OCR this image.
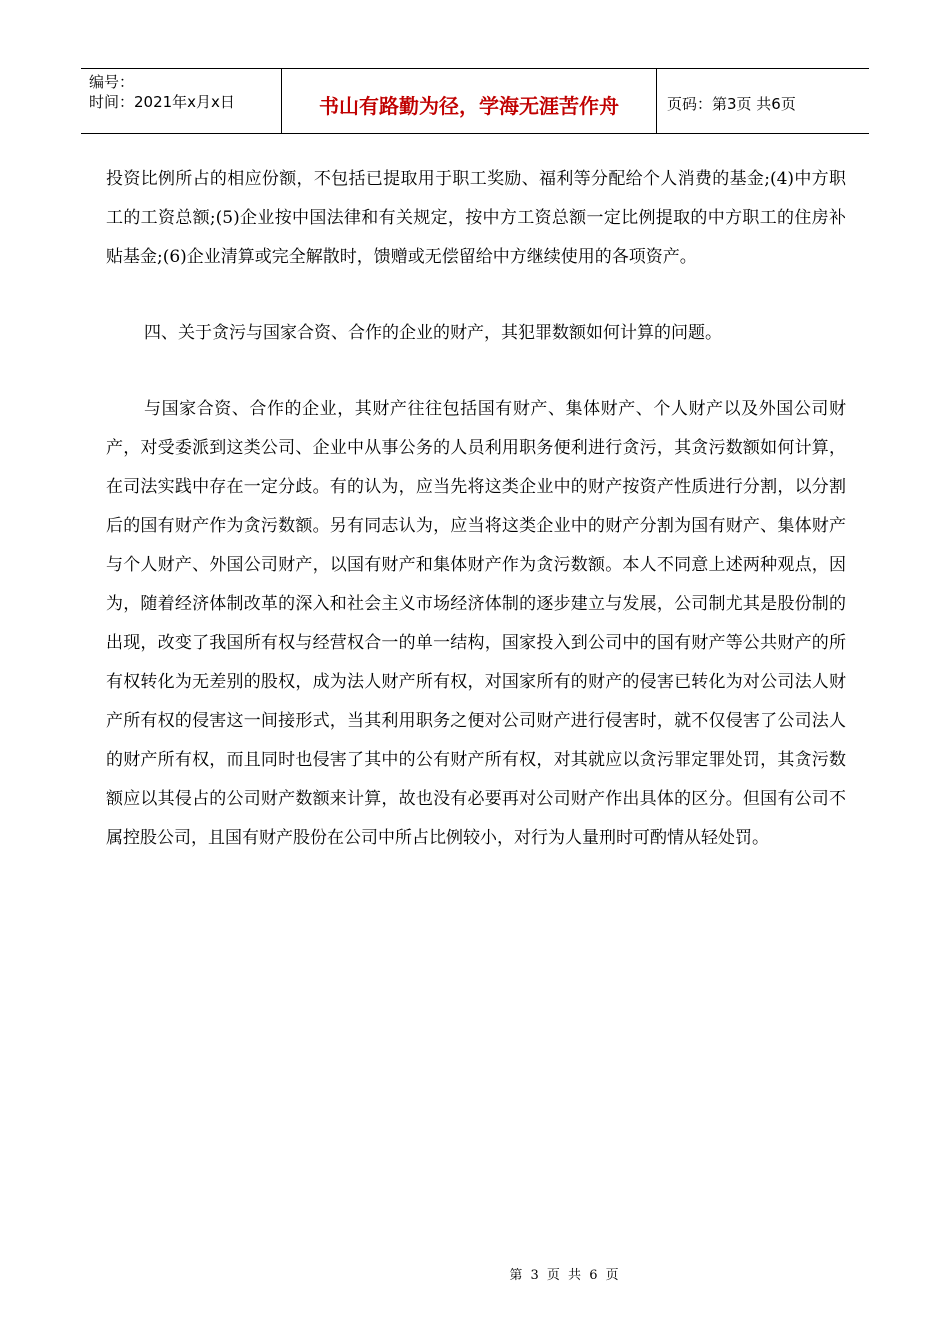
编号：
时间：2021年x月x日	书山有路勤为径，学海无涯苦作舟	页码：第3页 共6页

投资比例所占的相应份额，不包括已提取用于职工奖励、福利等分配给个人消费的基金;(4)中方职工的工资总额;(5)企业按中国法律和有关规定，按中方工资总额一定比例提取的中方职工的住房补贴基金;(6)企业清算或完全解散时，馈赠或无偿留给中方继续使用的各项资产。

四、关于贪污与国家合资、合作的企业的财产，其犯罪数额如何计算的问题。

与国家合资、合作的企业，其财产往往包括国有财产、集体财产、个人财产以及外国公司财产，对受委派到这类公司、企业中从事公务的人员利用职务便利进行贪污，其贪污数额如何计算，在司法实践中存在一定分歧。有的认为，应当先将这类企业中的财产按资产性质进行分割，以分割后的国有财产作为贪污数额。另有同志认为，应当将这类企业中的财产分割为国有财产、集体财产与个人财产、外国公司财产，以国有财产和集体财产作为贪污数额。本人不同意上述两种观点，因为，随着经济体制改革的深入和社会主义市场经济体制的逐步建立与发展，公司制尤其是股份制的出现，改变了我国所有权与经营权合一的单一结构，国家投入到公司中的国有财产等公共财产的所有权转化为无差别的股权，成为法人财产所有权，对国家所有的财产的侵害已转化为对公司法人财产所有权的侵害这一间接形式，当其利用职务之便对公司财产进行侵害时，就不仅侵害了公司法人的财产所有权，而且同时也侵害了其中的公有财产所有权，对其就应以贪污罪定罪处罚，其贪污数额应以其侵占的公司财产数额来计算，故也没有必要再对公司财产作出具体的区分。但国有公司不属控股公司，且国有财产股份在公司中所占比例较小，对行为人量刑时可酌情从轻处罚。

第 3 页 共 6 页
